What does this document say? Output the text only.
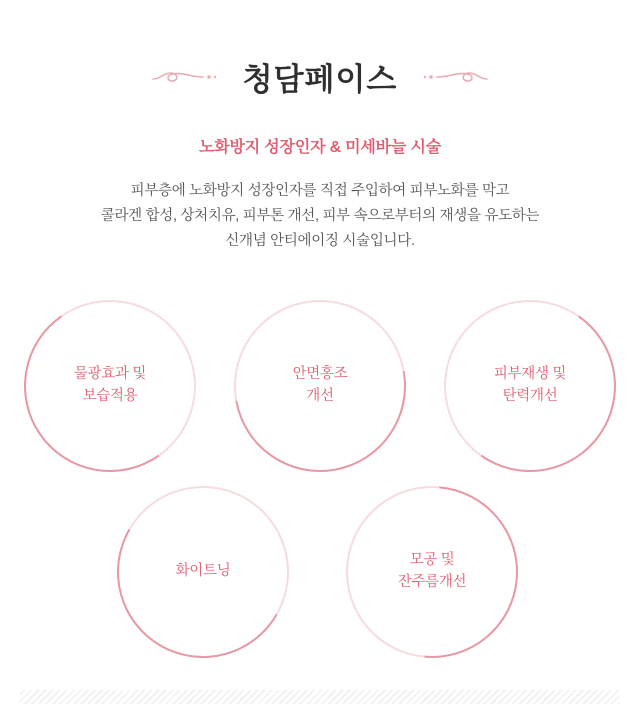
청담페이스
노화방지 성장인자 & 미세바늘 시술
피부층에 노화방지 성장인자를 직접 주입하여 피부노화를 막고
콜라겐 합성, 상처치유, 피부톤 개선, 피부 속으로부터의 재생을 유도하는
신개념 안티에이징 시술입니다.
물광효과 및
보습적용
안면홍조
개선
피부재생 및
탄력개선
화이트닝
모공 및
잔주름개선
